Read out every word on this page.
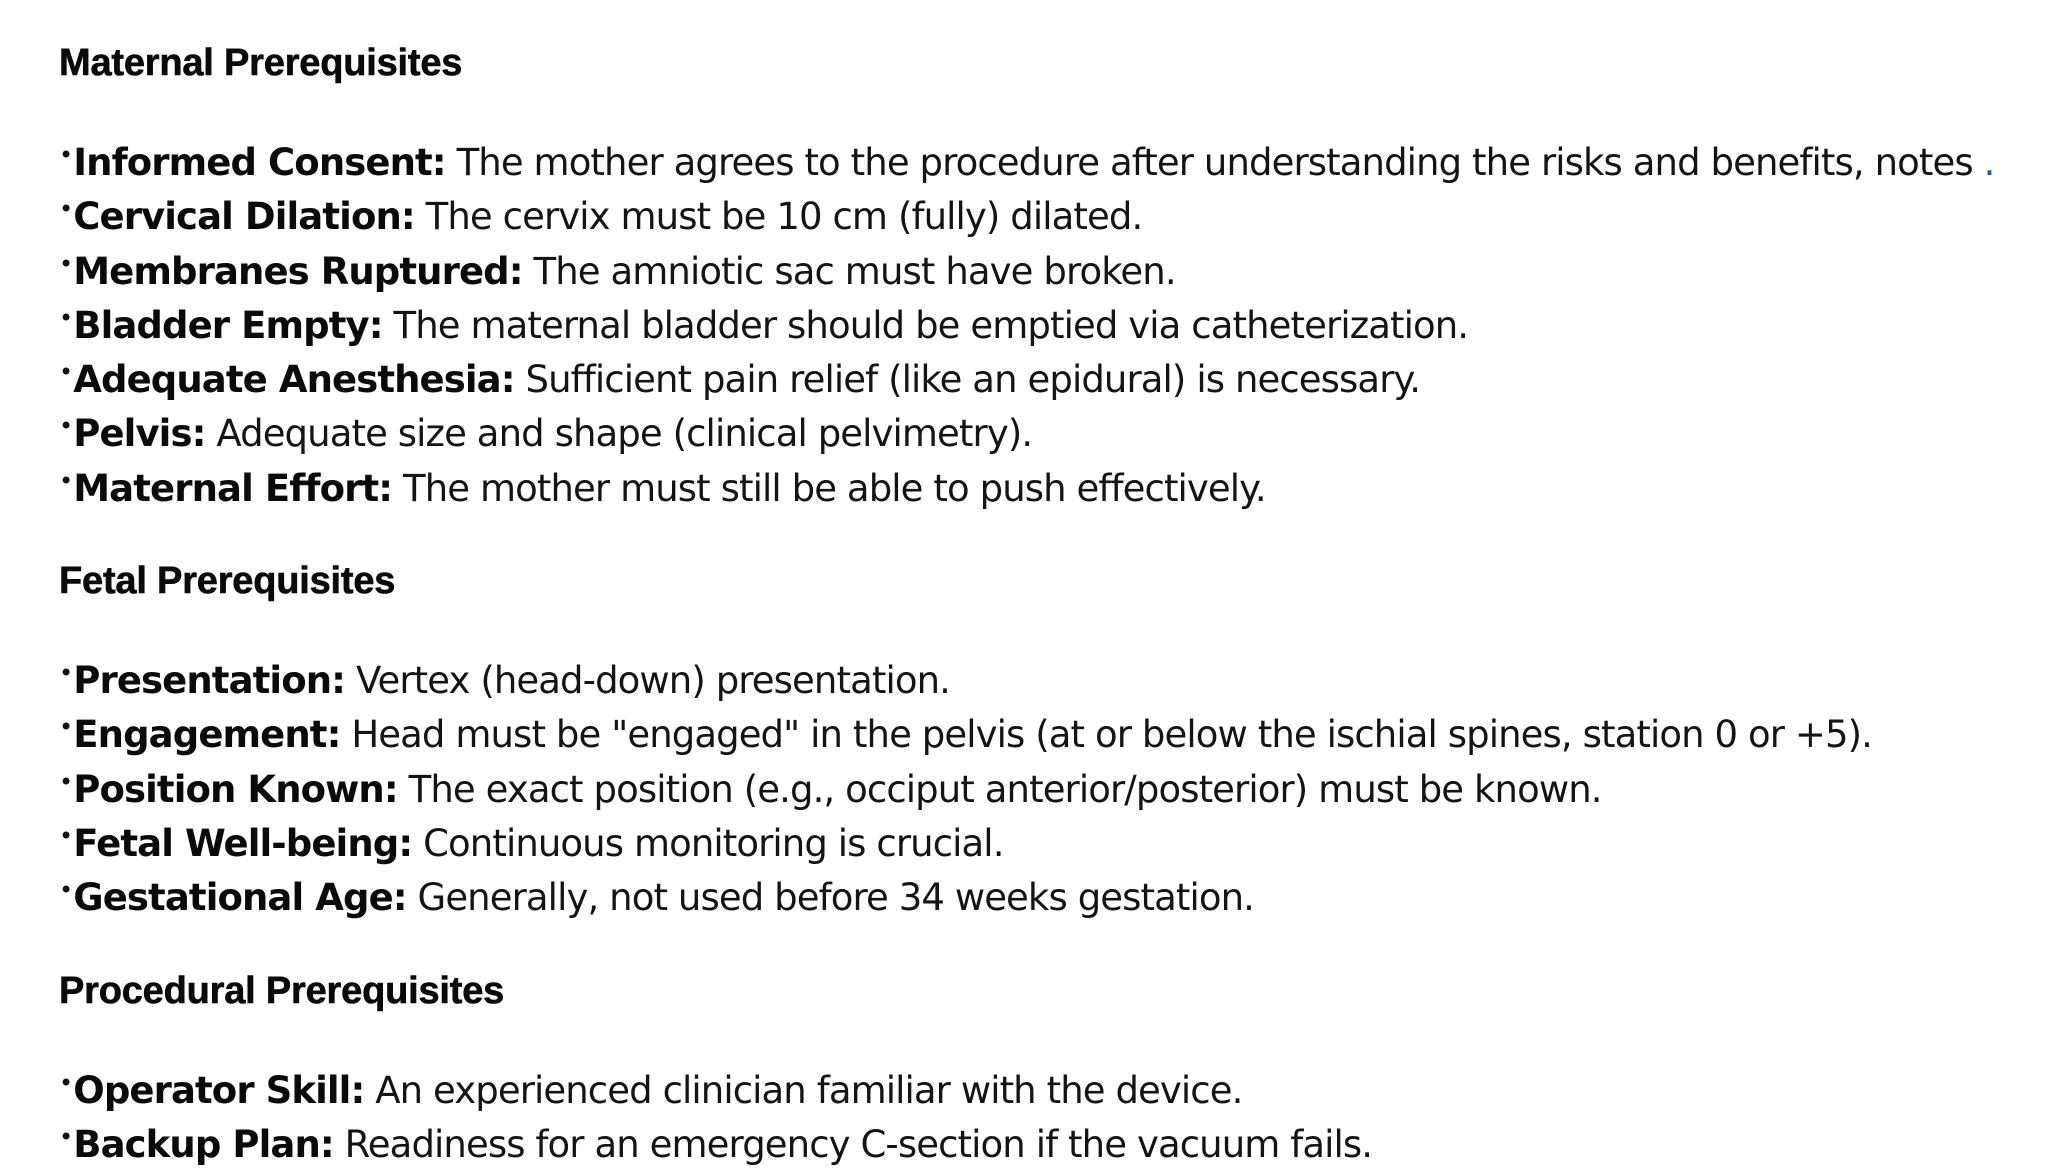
Maternal Prerequisites
•Informed Consent: The mother agrees to the procedure after understanding the risks and benefits, notes .
•Cervical Dilation: The cervix must be 10 cm (fully) dilated.
•Membranes Ruptured: The amniotic sac must have broken.
•Bladder Empty: The maternal bladder should be emptied via catheterization.
•Adequate Anesthesia: Sufficient pain relief (like an epidural) is necessary.
•Pelvis: Adequate size and shape (clinical pelvimetry).
•Maternal Effort: The mother must still be able to push effectively.
Fetal Prerequisites
•Presentation: Vertex (head-down) presentation.
•Engagement: Head must be "engaged" in the pelvis (at or below the ischial spines, station 0 or +5).
•Position Known: The exact position (e.g., occiput anterior/posterior) must be known.
•Fetal Well-being: Continuous monitoring is crucial.
•Gestational Age: Generally, not used before 34 weeks gestation.
Procedural Prerequisites
•Operator Skill: An experienced clinician familiar with the device.
•Backup Plan: Readiness for an emergency C-section if the vacuum fails.
